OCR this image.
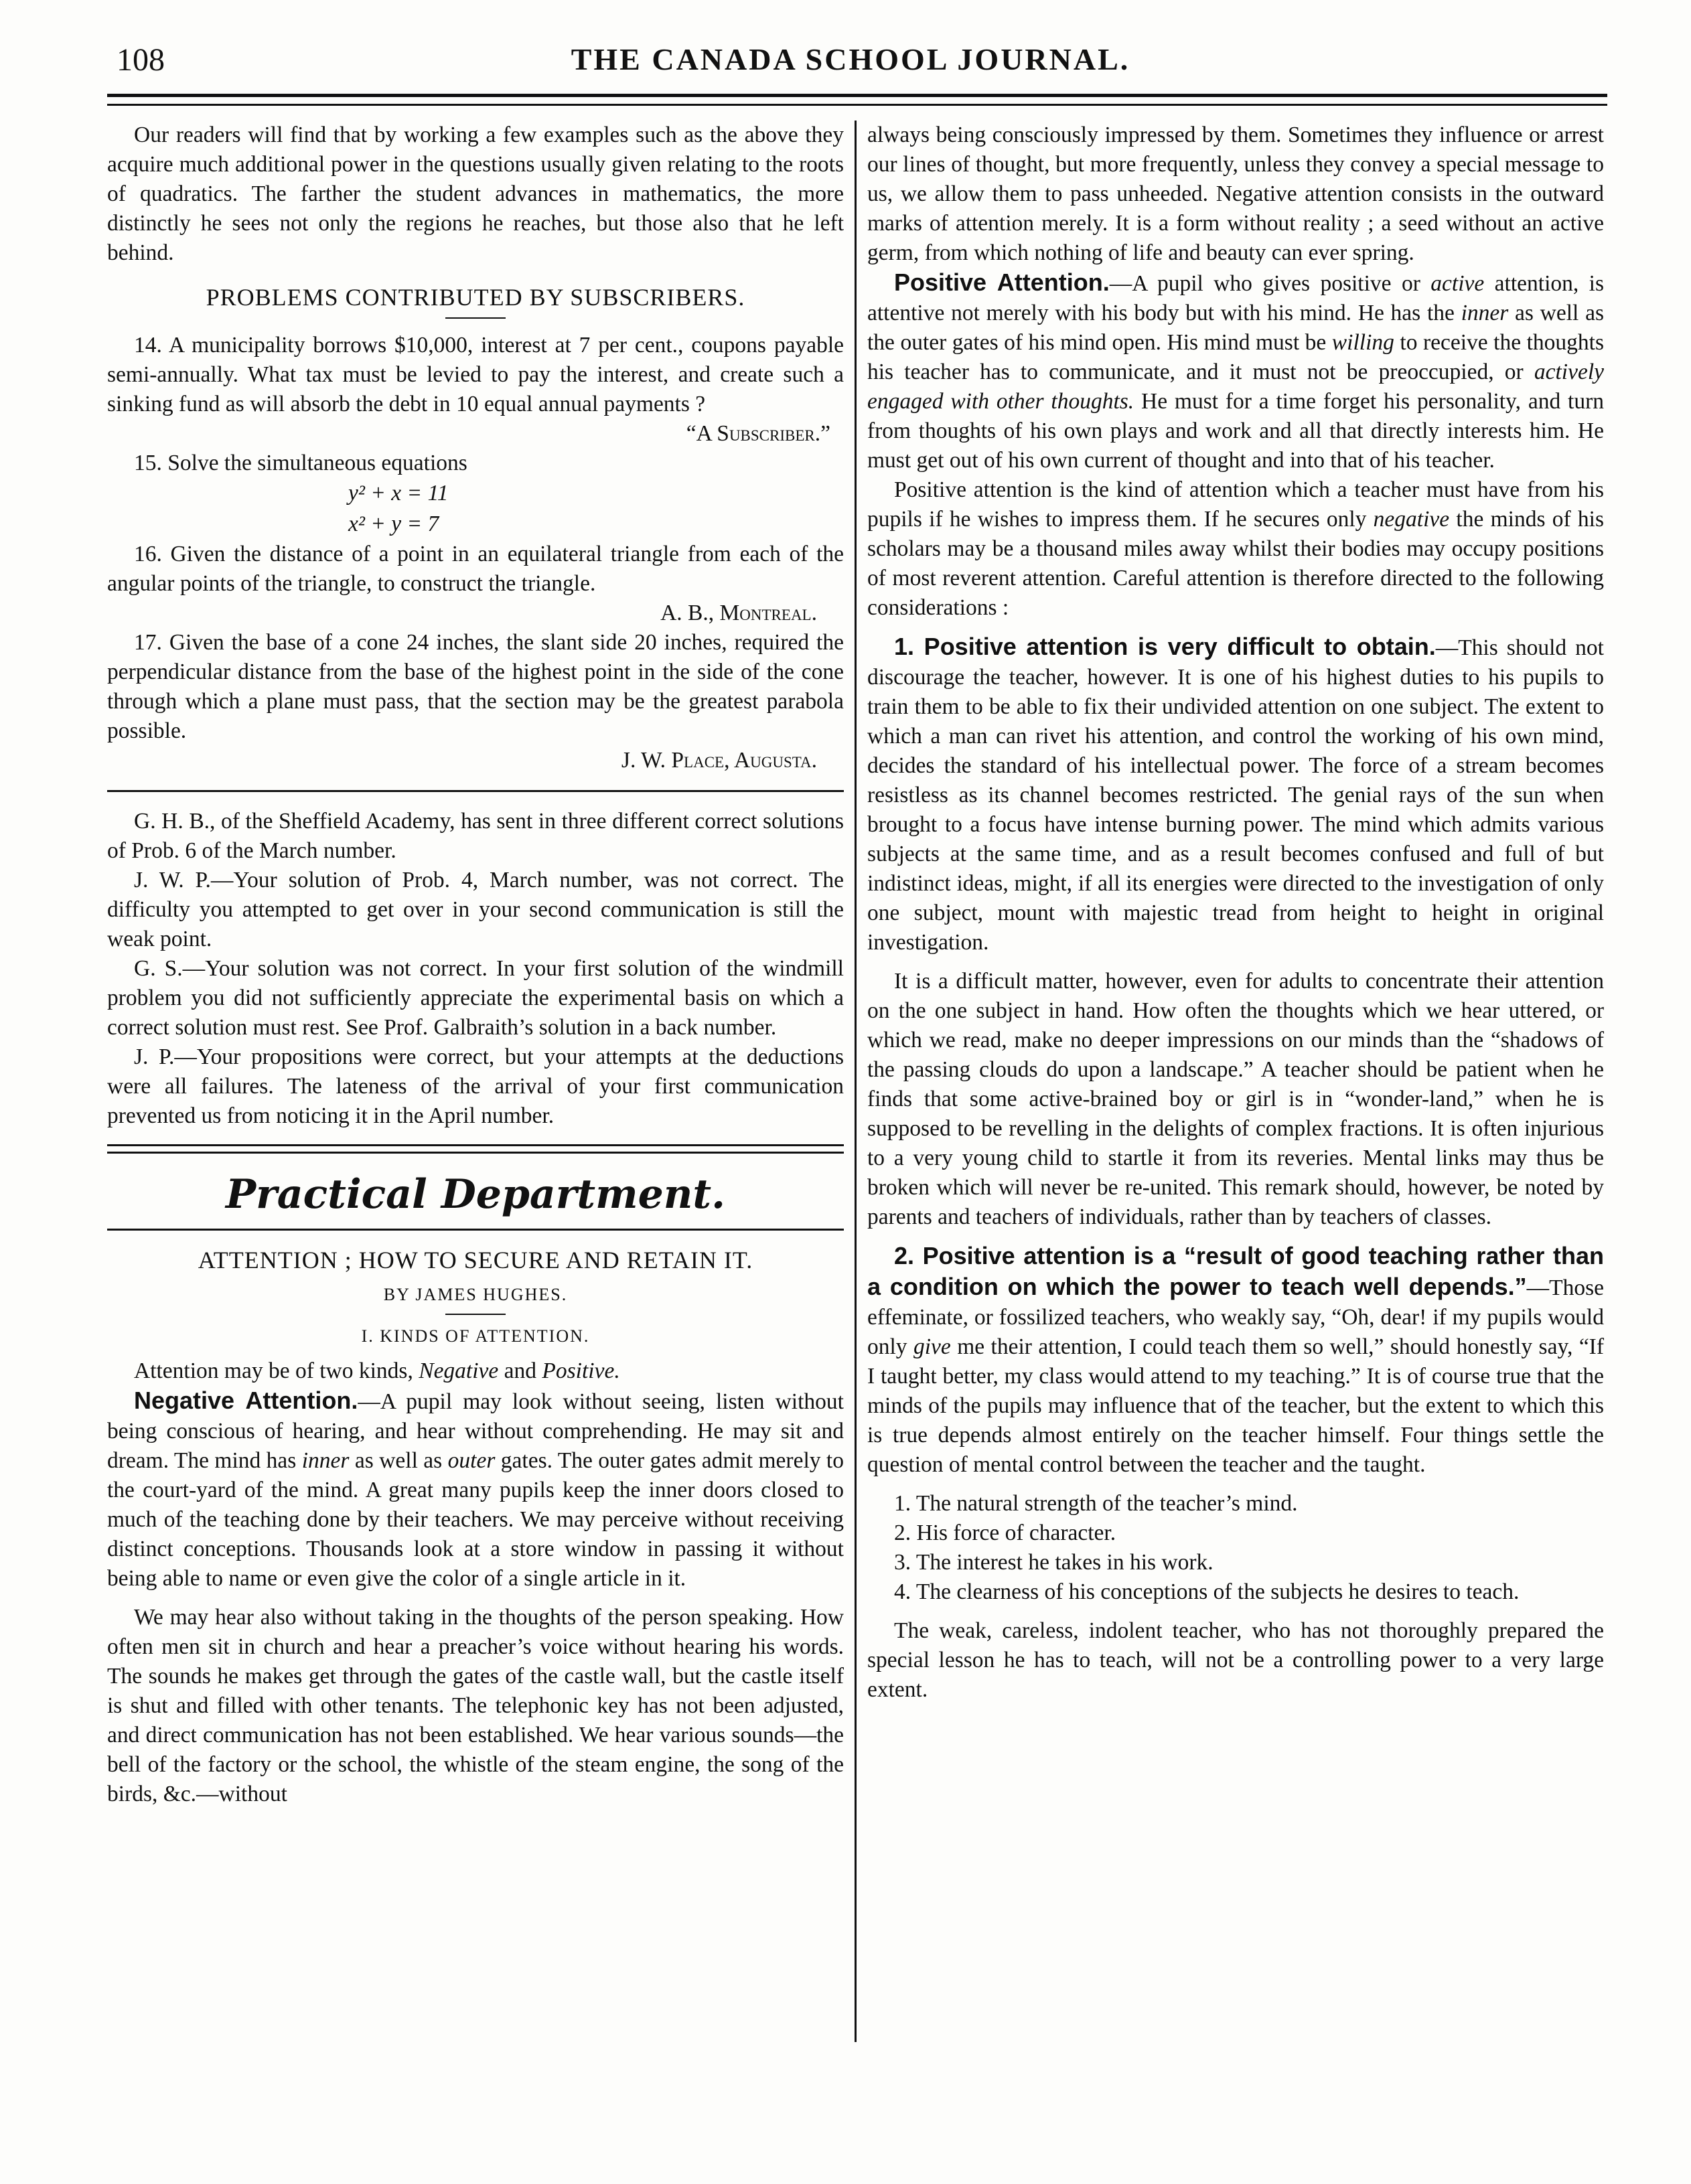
108	THE CANADA SCHOOL JOURNAL.

Our readers will find that by working a few examples such as the above they acquire much additional power in the questions usually given relating to the roots of quadratics. The farther the student advances in mathematics, the more distinctly he sees not only the regions he reaches, but those also that he left behind.

PROBLEMS CONTRIBUTED BY SUBSCRIBERS.

14. A municipality borrows $10,000, interest at 7 per cent., coupons payable semi-annually. What tax must be levied to pay the interest, and create such a sinking fund as will absorb the debt in 10 equal annual payments ?

“A Subscriber.”

15. Solve the simultaneous equations

y² + x = 11
x² + y = 7

16. Given the distance of a point in an equilateral triangle from each of the angular points of the triangle, to construct the triangle.

A. B., Montreal.

17. Given the base of a cone 24 inches, the slant side 20 inches, required the perpendicular distance from the base of the highest point in the side of the cone through which a plane must pass, that the section may be the greatest parabola possible.

J. W. Place, Augusta.

G. H. B., of the Sheffield Academy, has sent in three different correct solutions of Prob. 6 of the March number.

J. W. P.—Your solution of Prob. 4, March number, was not correct. The difficulty you attempted to get over in your second communication is still the weak point.

G. S.—Your solution was not correct. In your first solution of the windmill problem you did not sufficiently appreciate the experimental basis on which a correct solution must rest. See Prof. Galbraith’s solution in a back number.

J. P.—Your propositions were correct, but your attempts at the deductions were all failures. The lateness of the arrival of your first communication prevented us from noticing it in the April number.

Practical Department.
ATTENTION ; HOW TO SECURE AND RETAIN IT.
BY JAMES HUGHES.
I. KINDS OF ATTENTION.

Attention may be of two kinds, Negative and Positive.

Negative Attention.—A pupil may look without seeing, listen without being conscious of hearing, and hear without comprehending. He may sit and dream. The mind has inner as well as outer gates. The outer gates admit merely to the court-yard of the mind. A great many pupils keep the inner doors closed to much of the teaching done by their teachers. We may perceive without receiving distinct conceptions. Thousands look at a store window in passing it without being able to name or even give the color of a single article in it.

We may hear also without taking in the thoughts of the person speaking. How often men sit in church and hear a preacher’s voice without hearing his words. The sounds he makes get through the gates of the castle wall, but the castle itself is shut and filled with other tenants. The telephonic key has not been adjusted, and direct communication has not been established. We hear various sounds—the bell of the factory or the school, the whistle of the steam engine, the song of the birds, &c.—without

always being consciously impressed by them. Sometimes they influence or arrest our lines of thought, but more frequently, unless they convey a special message to us, we allow them to pass unheeded. Negative attention consists in the outward marks of attention merely. It is a form without reality ; a seed without an active germ, from which nothing of life and beauty can ever spring.

Positive Attention.—A pupil who gives positive or active attention, is attentive not merely with his body but with his mind. He has the inner as well as the outer gates of his mind open. His mind must be willing to receive the thoughts his teacher has to communicate, and it must not be preoccupied, or actively engaged with other thoughts. He must for a time forget his personality, and turn from thoughts of his own plays and work and all that directly interests him. He must get out of his own current of thought and into that of his teacher.

Positive attention is the kind of attention which a teacher must have from his pupils if he wishes to impress them. If he secures only negative the minds of his scholars may be a thousand miles away whilst their bodies may occupy positions of most reverent attention. Careful attention is therefore directed to the following considerations :

1. Positive attention is very difficult to obtain.—This should not discourage the teacher, however. It is one of his highest duties to his pupils to train them to be able to fix their undivided attention on one subject. The extent to which a man can rivet his attention, and control the working of his own mind, decides the standard of his intellectual power. The force of a stream becomes resistless as its channel becomes restricted. The genial rays of the sun when brought to a focus have intense burning power. The mind which admits various subjects at the same time, and as a result becomes confused and full of but indistinct ideas, might, if all its energies were directed to the investigation of only one subject, mount with majestic tread from height to height in original investigation.

It is a difficult matter, however, even for adults to concentrate their attention on the one subject in hand. How often the thoughts which we hear uttered, or which we read, make no deeper impressions on our minds than the “shadows of the passing clouds do upon a landscape.” A teacher should be patient when he finds that some active-brained boy or girl is in “wonder-land,” when he is supposed to be revelling in the delights of complex fractions. It is often injurious to a very young child to startle it from its reveries. Mental links may thus be broken which will never be re-united. This remark should, however, be noted by parents and teachers of individuals, rather than by teachers of classes.

2. Positive attention is a “result of good teaching rather than a condition on which the power to teach well depends.”—Those effeminate, or fossilized teachers, who weakly say, “Oh, dear! if my pupils would only give me their attention, I could teach them so well,” should honestly say, “If I taught better, my class would attend to my teaching.” It is of course true that the minds of the pupils may influence that of the teacher, but the extent to which this is true depends almost entirely on the teacher himself. Four things settle the question of mental control between the teacher and the taught.

1. The natural strength of the teacher’s mind.

2. His force of character.

3. The interest he takes in his work.

4. The clearness of his conceptions of the subjects he desires to teach.

The weak, careless, indolent teacher, who has not thoroughly prepared the special lesson he has to teach, will not be a controlling power to a very large extent.
